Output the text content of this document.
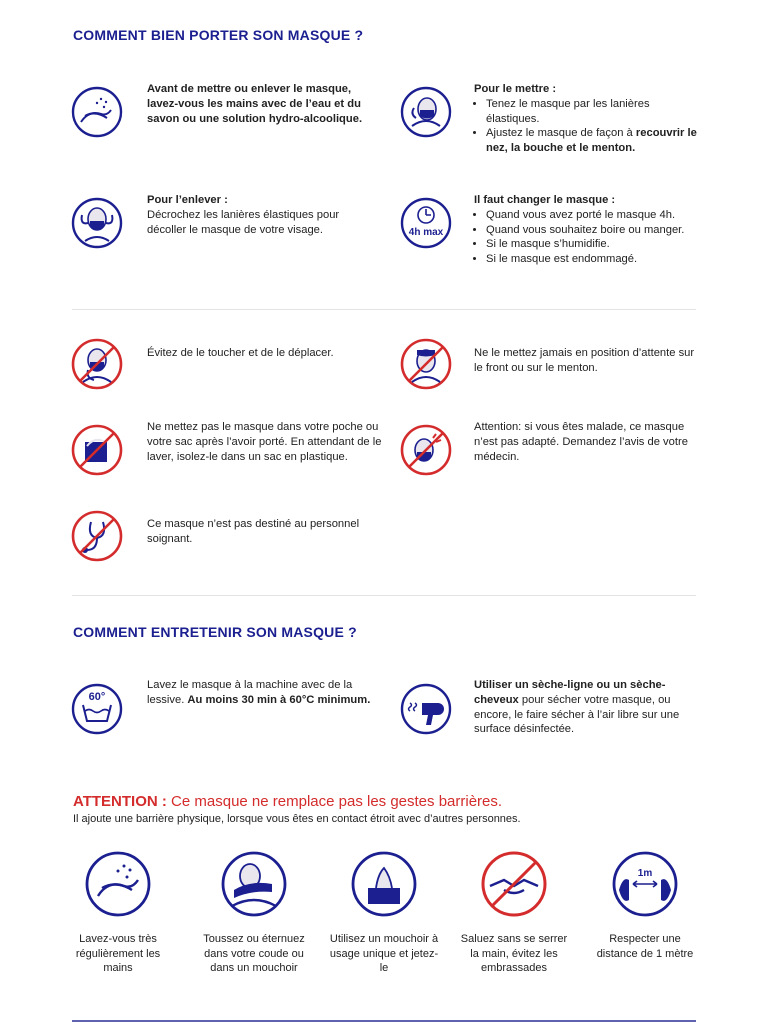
COMMENT BIEN PORTER SON MASQUE ?
Avant de mettre ou enlever le masque, lavez-vous les mains avec de l’eau et du savon ou une solution hydro-alcoolique.
Pour le mettre :
• Tenez le masque par les lanières élastiques.
• Ajustez le masque de façon à recouvrir le nez, la bouche et le menton.
Pour l’enlever :
Décrochez les lanières élastiques pour décoller le masque de votre visage.	4h max
Il faut changer le masque :
• Quand vous avez porté le masque 4h.
• Quand vous souhaitez boire ou manger.
• Si le masque s’humidifie.
• Si le masque est endommagé.
Évitez de le toucher et de le déplacer.	Ne le mettez jamais en position d’attente sur le front ou sur le menton.
Ne mettez pas le masque dans votre poche ou votre sac après l’avoir porté. En attendant de le laver, isolez-le dans un sac en plastique.
Attention: si vous êtes malade, ce masque n’est pas adapté. Demandez l’avis de votre médecin.
Ce masque n’est pas destiné au personnel soignant.
COMMENT ENTRETENIR SON MASQUE ?
60°
Lavez le masque à la machine avec de la lessive. Au moins 30 min à 60°C minimum.
Utiliser un sèche-ligne ou un sèche-cheveux pour sécher votre masque, ou encore, le faire sécher à l’air libre sur une surface désinfectée.

ATTENTION : Ce masque ne remplace pas les gestes barrières.

Il ajoute une barrière physique, lorsque vous êtes en contact étroit avec d’autres personnes.

Lavez-vous très régulièrement les mains
Toussez ou éternuez dans votre coude ou dans un mouchoir
Utilisez un mouchoir à usage unique et jetez-le
Saluez sans se serrer la main, évitez les embrassades
1m
Respecter une distance de 1 mètre
